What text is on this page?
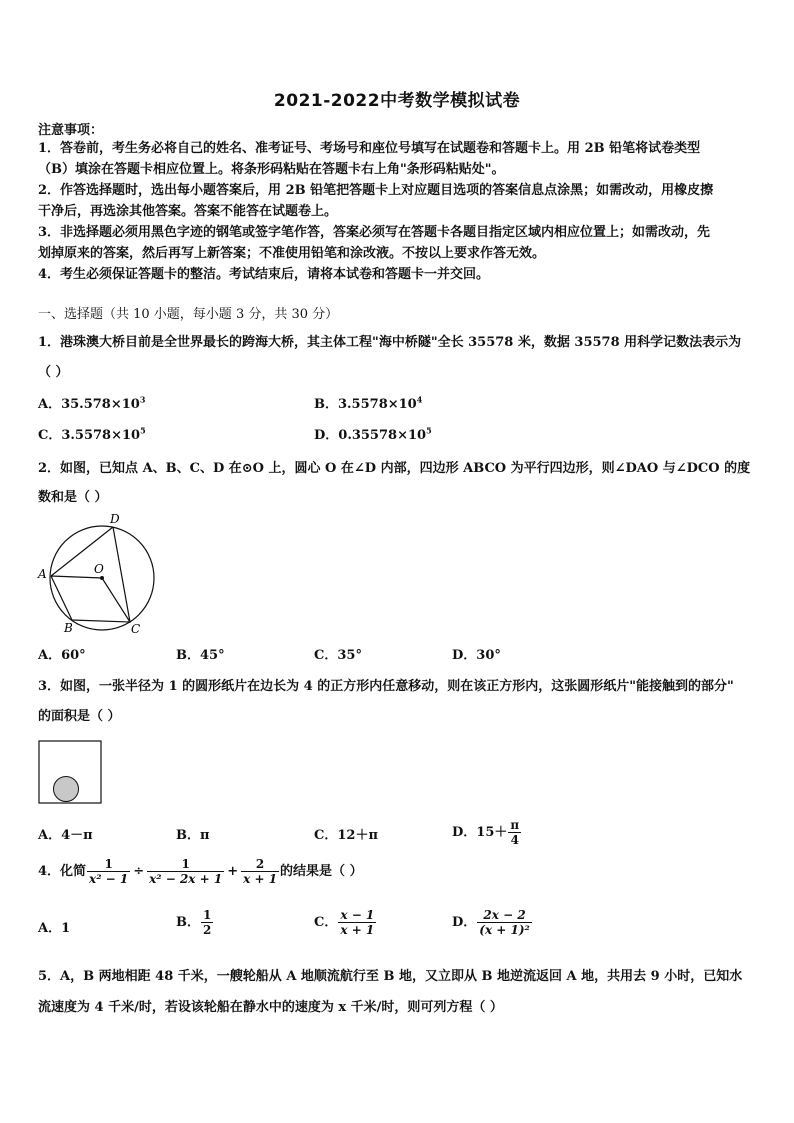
2021-2022中考数学模拟试卷
注意事项：
1．答卷前，考生务必将自己的姓名、准考证号、考场号和座位号填写在试题卷和答题卡上。用 2B 铅笔将试卷类型
（B）填涂在答题卡相应位置上。将条形码粘贴在答题卡右上角"条形码粘贴处"。
2．作答选择题时，选出每小题答案后，用 2B 铅笔把答题卡上对应题目选项的答案信息点涂黑；如需改动，用橡皮擦
干净后，再选涂其他答案。答案不能答在试题卷上。
3．非选择题必须用黑色字迹的钢笔或签字笔作答，答案必须写在答题卡各题目指定区域内相应位置上；如需改动，先
划掉原来的答案，然后再写上新答案；不准使用铅笔和涂改液。不按以上要求作答无效。
4．考生必须保证答题卡的整洁。考试结束后，请将本试卷和答题卡一并交回。
一、选择题（共 10 小题，每小题 3 分，共 30 分）
1．港珠澳大桥目前是全世界最长的跨海大桥，其主体工程"海中桥隧"全长 35578 米，数据 35578 用科学记数法表示为
（ ）
A．$35.578\times 10^3$	B．$3.5578\times 10^4$
C．$3.5578\times 10^5$	D．$0.35578\times 10^5$
2．如图，已知点 A、B、C、D 在⊙O 上，圆心 O 在∠D 内部，四边形 ABCO 为平行四边形，则∠DAO 与∠DCO 的度
数和是（ ）
A
B	C
D
O
A．60°	B．45°	C．35°	D．30°
3．如图，一张半径为 1 的圆形纸片在边长为 4 的正方形内任意移动，则在该正方形内，这张圆形纸片"能接触到的部分"
的面积是（ ）
A．4－π	B．π	C．12＋π	D．$15+ \frac{\pi}{4}$
4．化简 $\frac{1}{\text{x² − 1}} \div \frac{1}{\text{x² − 2x + 1}} + \frac{2}{x + 1}$ 的结果是（ ）
A．1	B． $\frac{1}{2}$	C． $\frac{x - 1}{x + 1}$	D． $\frac{2x - 2}{\text{(x + 1)²}}$
5．A，B 两地相距 48 千米，一艘轮船从 A 地顺流航行至 B 地，又立即从 B 地逆流返回 A 地，共用去 9 小时，已知水
流速度为 4 千米/时，若设该轮船在静水中的速度为 x 千米/时，则可列方程（ ）
